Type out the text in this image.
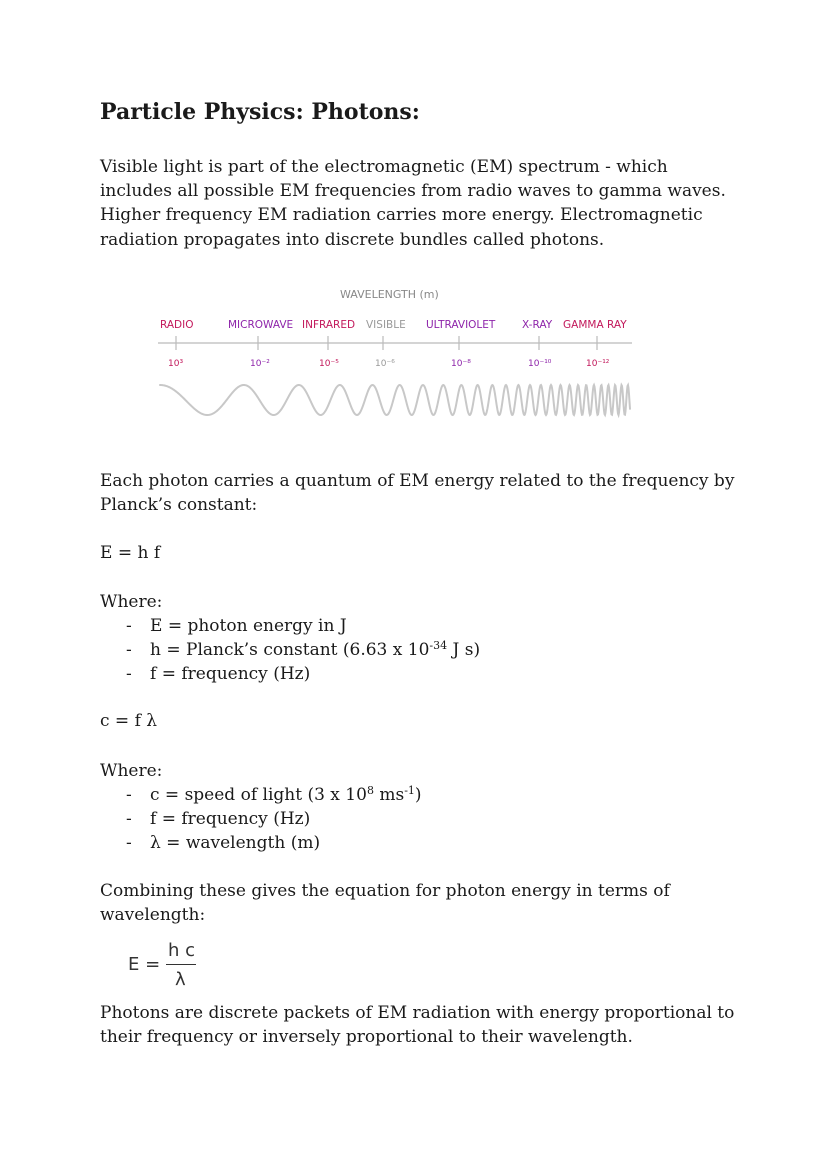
Particle Physics: Photons:

Visible light is part of the electromagnetic (EM) spectrum - which includes all possible EM frequencies from radio waves to gamma waves. Higher frequency EM radiation carries more energy. Electromagnetic radiation propagates into discrete bundles called photons.

Each photon carries a quantum of EM energy related to the frequency by Planck’s constant:

E = h f
Where:
- E = photon energy in J
- h = Planck’s constant (6.63 x $10^{-34}$ J s)
- f = frequency (Hz)
c = f λ
Where:
- c = speed of light (3 x $10^8$ $ms^{-1}$)
- f = frequency (Hz)
- λ = wavelength (m)

Combining these gives the equation for photon energy in terms of wavelength:

Photons are discrete packets of EM radiation with energy proportional to their frequency or inversely proportional to their wavelength.

E =
h c
λ
WAVELENGTH (m)
RADIO	MICROWAVE INFRARED VISIBLE ULTRAVIOLET	X-RAY GAMMA RAY
10³	10⁻²	10⁻⁵	10⁻⁶	10⁻⁸	10⁻¹⁰	10⁻¹²
